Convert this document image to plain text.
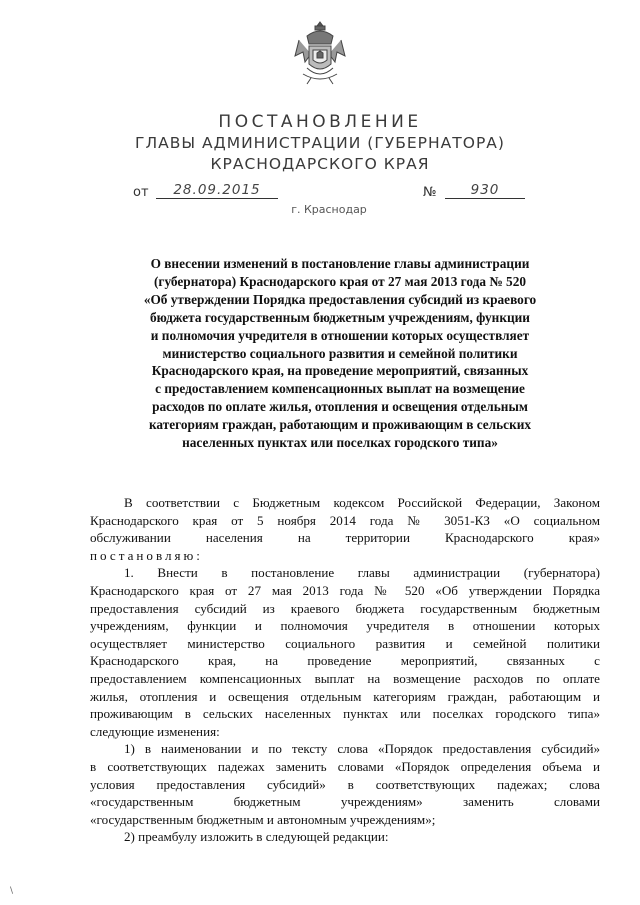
ПОСТАНОВЛЕНИЕ
ГЛАВЫ АДМИНИСТРАЦИИ (ГУБЕРНАТОРА)
КРАСНОДАРСКОГО КРАЯ
от	28.09.2015	№	930
г. Краснодар
О внесении изменений в постановление главы администрации
(губернатора) Краснодарского края от 27 мая 2013 года № 520
«Об утверждении Порядка предоставления субсидий из краевого
бюджета государственным бюджетным учреждениям, функции
и полномочия учредителя в отношении которых осуществляет
министерство социального развития и семейной политики
Краснодарского края, на проведение мероприятий, связанных
с предоставлением компенсационных выплат на возмещение
расходов по оплате жилья, отопления и освещения отдельным
категориям граждан, работающим и проживающим в сельских
населенных пунктах или поселках городского типа»
В соответствии с Бюджетным кодексом Российской Федерации, Законом
Краснодарского края от 5 ноября 2014 года № 3051-КЗ «О социальном
обслуживании населения на территории Краснодарского края»
постановляю:
1. Внести в постановление главы администрации (губернатора)
Краснодарского края от 27 мая 2013 года № 520 «Об утверждении Порядка
предоставления субсидий из краевого бюджета государственным бюджетным
учреждениям, функции и полномочия учредителя в отношении которых
осуществляет министерство социального развития и семейной политики
Краснодарского края, на проведение мероприятий, связанных с
предоставлением компенсационных выплат на возмещение расходов по оплате
жилья, отопления и освещения отдельным категориям граждан, работающим и
проживающим в сельских населенных пунктах или поселках городского типа»
следующие изменения:
1) в наименовании и по тексту слова «Порядок предоставления субсидий»
в соответствующих падежах заменить словами «Порядок определения объема и
условия предоставления субсидий» в соответствующих падежах; слова
«государственным бюджетным учреждениям» заменить словами
«государственным бюджетным и автономным учреждениям»;
2) преамбулу изложить в следующей редакции:
\
